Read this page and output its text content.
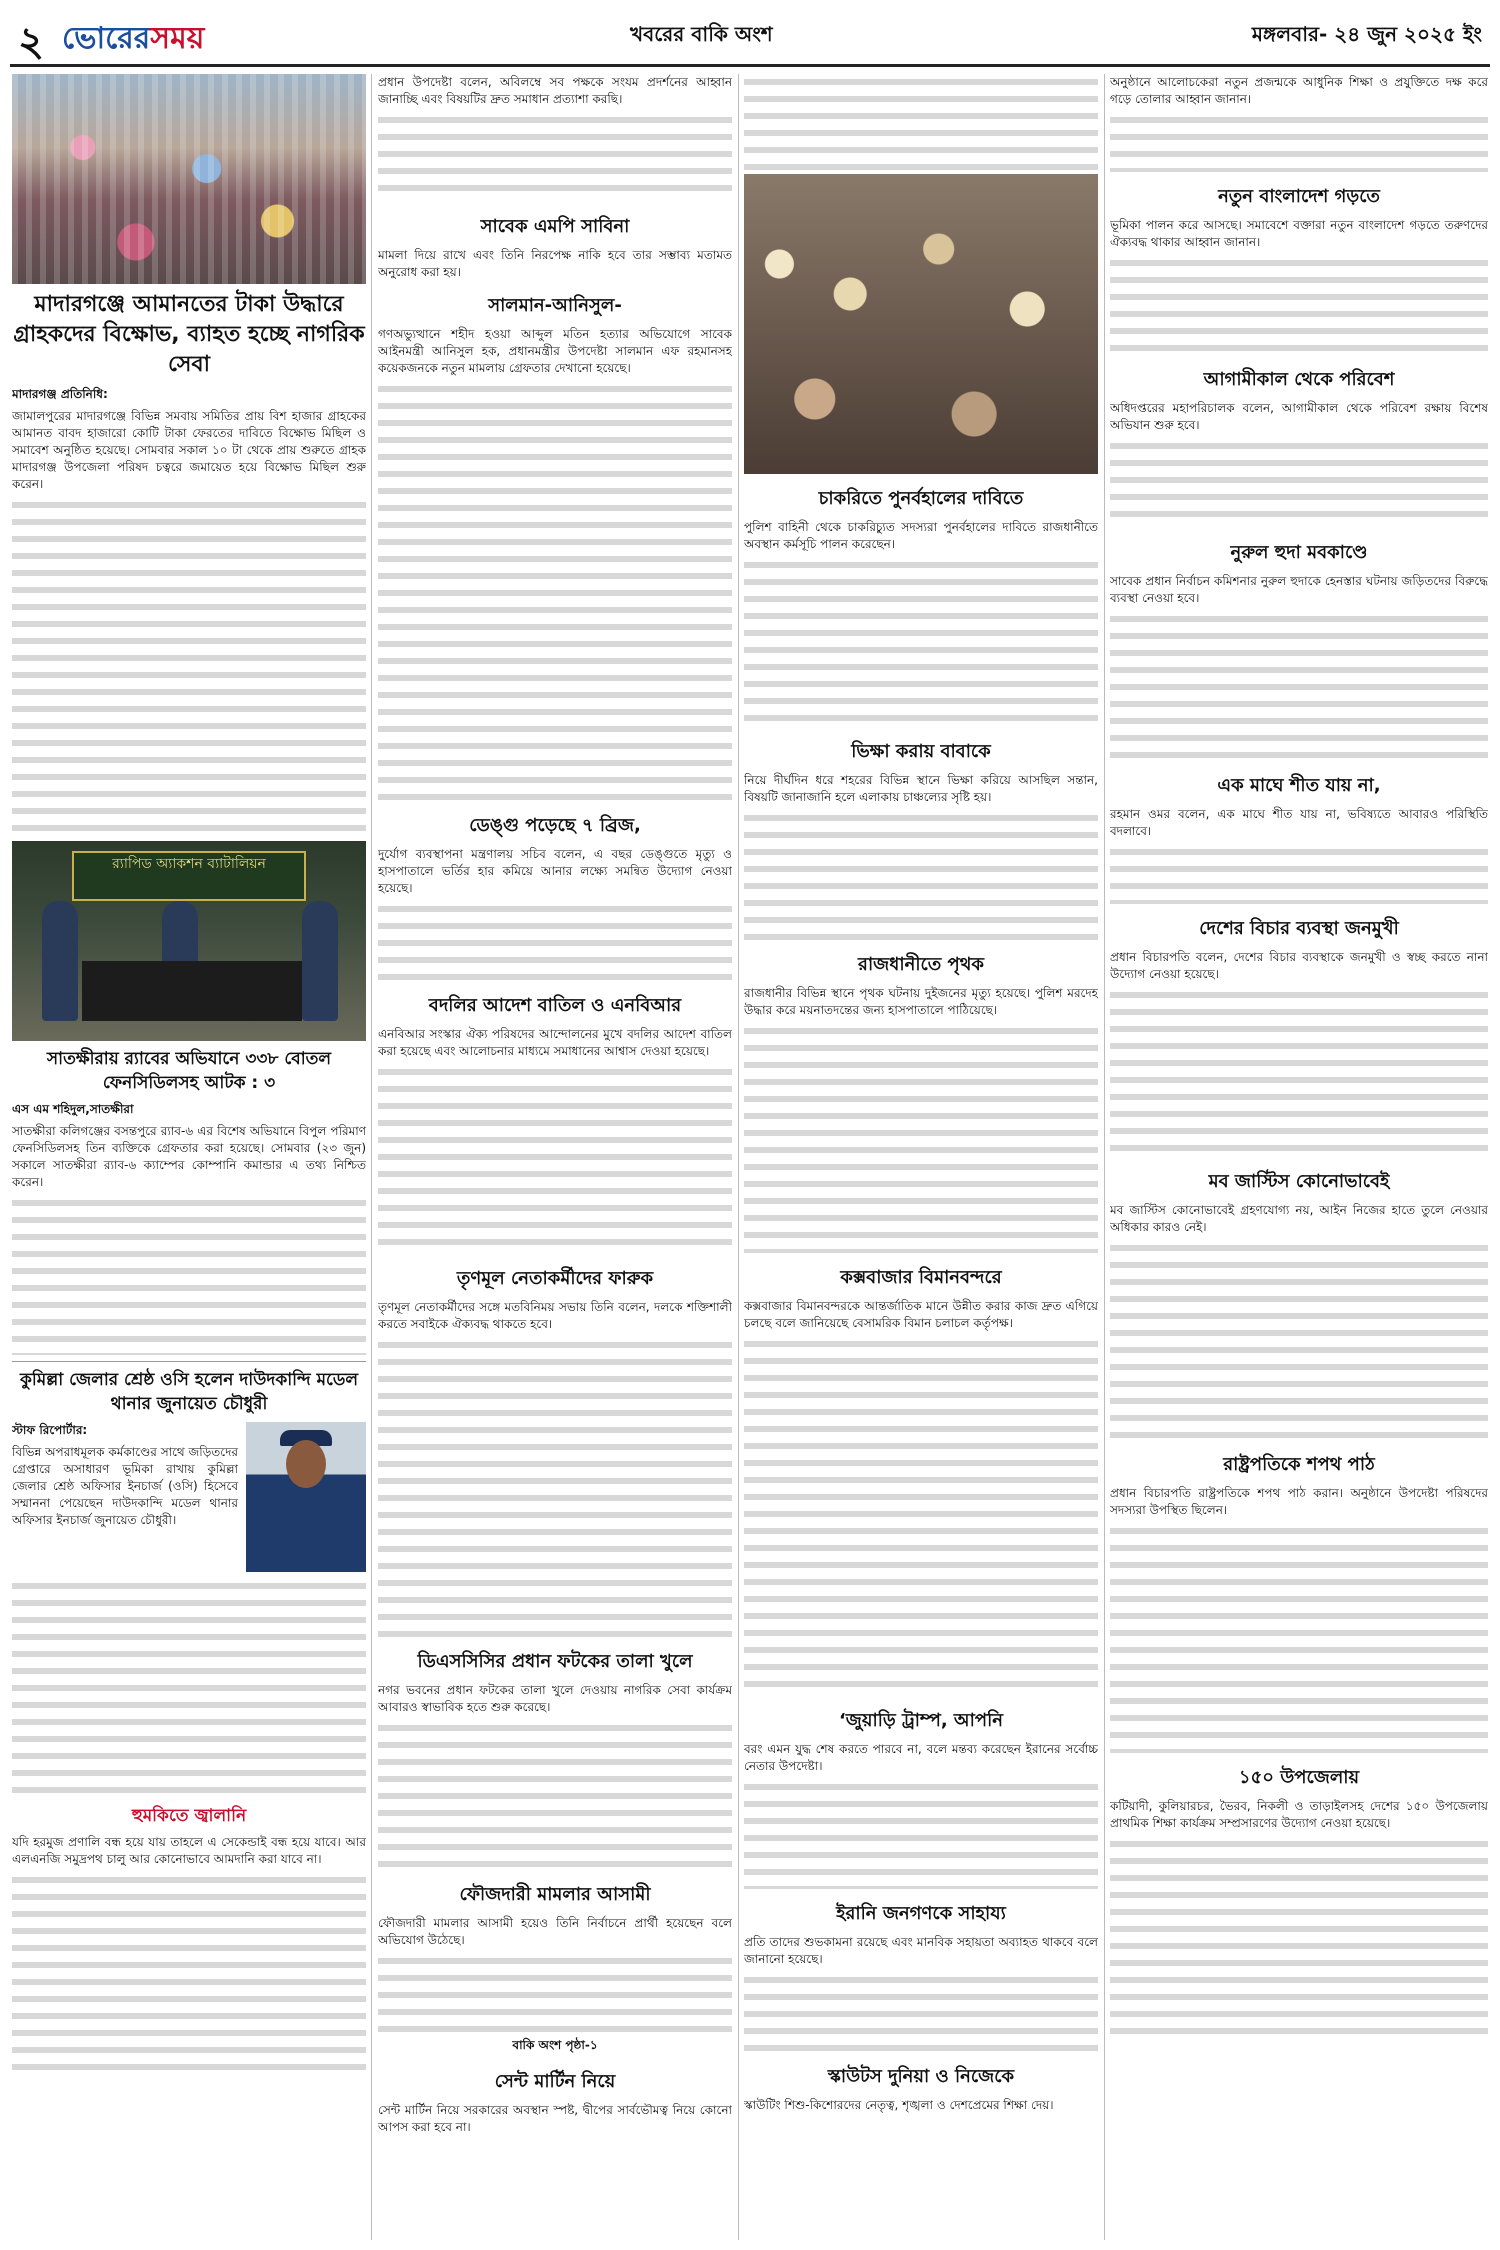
২ ভোরেরসময়	খবরের বাকি অংশ	মঙ্গলবার- ২৪ জুন ২০২৫ ইং
মাদারগঞ্জে আমানতের টাকা উদ্ধারে গ্রাহকদের বিক্ষোভ, ব্যাহত হচ্ছে নাগরিক সেবা
মাদারগঞ্জ প্রতিনিধি:

জামালপুরের মাদারগঞ্জে বিভিন্ন সমবায় সমিতির প্রায় বিশ হাজার গ্রাহকের আমানত বাবদ হাজারো কোটি টাকা ফেরতের দাবিতে বিক্ষোভ মিছিল ও সমাবেশ অনুষ্ঠিত হয়েছে। সোমবার সকাল ১০ টা থেকে প্রায় শুরুতে গ্রাহক মাদারগঞ্জ উপজেলা পরিষদ চত্বরে জমায়েত হয়ে বিক্ষোভ মিছিল শুরু করেন।

র‍্যাপিড অ্যাকশন ব্যাটালিয়ন
সাতক্ষীরায় র‍্যাবের অভিযানে ৩৩৮ বোতল ফেনসিডিলসহ আটক : ৩
এস এম শহিদুল,সাতক্ষীরা

সাতক্ষীরা কলিগঞ্জের বসন্তপুরে র‍্যাব-৬ এর বিশেষ অভিযানে বিপুল পরিমাণ ফেনসিডিলসহ তিন ব্যক্তিকে গ্রেফতার করা হয়েছে। সোমবার (২৩ জুন) সকালে সাতক্ষীরা র‍্যাব-৬ ক্যাম্পের কোম্পানি কমান্ডার এ তথ্য নিশ্চিত করেন।

কুমিল্লা জেলার শ্রেষ্ঠ ওসি হলেন দাউদকান্দি মডেল থানার জুনায়েত চৌধুরী
স্টাফ রিপোর্টার:

বিভিন্ন অপরাধমূলক কর্মকাণ্ডের সাথে জড়িতদের গ্রেপ্তারে অসাধারণ ভূমিকা রাখায় কুমিল্লা জেলার শ্রেষ্ঠ অফিসার ইনচার্জ (ওসি) হিসেবে সম্মাননা পেয়েছেন দাউদকান্দি মডেল থানার অফিসার ইনচার্জ জুনায়েত চৌধুরী।

হুমকিতে জ্বালানি

যদি হরমুজ প্রণালি বন্ধ হয়ে যায় তাহলে এ সেকেন্ডাই বন্ধ হয়ে যাবে। আর এলএনজি সমুদ্রপথ চালু আর কোনোভাবে আমদানি করা যাবে না।

প্রধান উপদেষ্টা বলেন, অবিলম্বে সব পক্ষকে সংযম প্রদর্শনের আহ্বান জানাচ্ছি এবং বিষয়টির দ্রুত সমাধান প্রত্যাশা করছি।

সাবেক এমপি সাবিনা

মামলা দিয়ে রাখে এবং তিনি নিরপেক্ষ নাকি হবে তার সম্ভাব্য মতামত অনুরোধ করা হয়।

সালমান-আনিসুল-

গণঅভ্যুত্থানে শহীদ হওয়া আব্দুল মতিন হত্যার অভিযোগে সাবেক আইনমন্ত্রী আনিসুল হক, প্রধানমন্ত্রীর উপদেষ্টা সালমান এফ রহমানসহ কয়েকজনকে নতুন মামলায় গ্রেফতার দেখানো হয়েছে।

ডেঙ্গু পড়েছে ৭ ব্রিজ,

দুর্যোগ ব্যবস্থাপনা মন্ত্রণালয় সচিব বলেন, এ বছর ডেঙ্গুতে মৃত্যু ও হাসপাতালে ভর্তির হার কমিয়ে আনার লক্ষ্যে সমন্বিত উদ্যোগ নেওয়া হয়েছে।

বদলির আদেশ বাতিল ও এনবিআর

এনবিআর সংস্কার ঐক্য পরিষদের আন্দোলনের মুখে বদলির আদেশ বাতিল করা হয়েছে এবং আলোচনার মাধ্যমে সমাধানের আশ্বাস দেওয়া হয়েছে।

তৃণমূল নেতাকর্মীদের ফারুক

তৃণমূল নেতাকর্মীদের সঙ্গে মতবিনিময় সভায় তিনি বলেন, দলকে শক্তিশালী করতে সবাইকে ঐক্যবদ্ধ থাকতে হবে।

ডিএসসিসির প্রধান ফটকের তালা খুলে

নগর ভবনের প্রধান ফটকের তালা খুলে দেওয়ায় নাগরিক সেবা কার্যক্রম আবারও স্বাভাবিক হতে শুরু করেছে।

ফৌজদারী মামলার আসামী

ফৌজদারী মামলার আসামী হয়েও তিনি নির্বাচনে প্রার্থী হয়েছেন বলে অভিযোগ উঠেছে।

বাকি অংশ পৃষ্ঠা-১
সেন্ট মার্টিন নিয়ে

সেন্ট মার্টিন নিয়ে সরকারের অবস্থান স্পষ্ট, দ্বীপের সার্বভৌমত্ব নিয়ে কোনো আপস করা হবে না।

চাকরিতে পুনর্বহালের দাবিতে

পুলিশ বাহিনী থেকে চাকরিচ্যুত সদস্যরা পুনর্বহালের দাবিতে রাজধানীতে অবস্থান কর্মসূচি পালন করেছেন।

ভিক্ষা করায় বাবাকে

নিয়ে দীর্ঘদিন ধরে শহরের বিভিন্ন স্থানে ভিক্ষা করিয়ে আসছিল সন্তান, বিষয়টি জানাজানি হলে এলাকায় চাঞ্চল্যের সৃষ্টি হয়।

রাজধানীতে পৃথক

রাজধানীর বিভিন্ন স্থানে পৃথক ঘটনায় দুইজনের মৃত্যু হয়েছে। পুলিশ মরদেহ উদ্ধার করে ময়নাতদন্তের জন্য হাসপাতালে পাঠিয়েছে।

কক্সবাজার বিমানবন্দরে

কক্সবাজার বিমানবন্দরকে আন্তর্জাতিক মানে উন্নীত করার কাজ দ্রুত এগিয়ে চলছে বলে জানিয়েছে বেসামরিক বিমান চলাচল কর্তৃপক্ষ।

‘জুয়াড়ি ট্রাম্প, আপনি

বরং এমন যুদ্ধ শেষ করতে পারবে না, বলে মন্তব্য করেছেন ইরানের সর্বোচ্চ নেতার উপদেষ্টা।

ইরানি জনগণকে সাহায্য

প্রতি তাদের শুভকামনা রয়েছে এবং মানবিক সহায়তা অব্যাহত থাকবে বলে জানানো হয়েছে।

স্কাউটস দুনিয়া ও নিজেকে

স্কাউটিং শিশু-কিশোরদের নেতৃত্ব, শৃঙ্খলা ও দেশপ্রেমের শিক্ষা দেয়।

অনুষ্ঠানে আলোচকেরা নতুন প্রজন্মকে আধুনিক শিক্ষা ও প্রযুক্তিতে দক্ষ করে গড়ে তোলার আহ্বান জানান।

নতুন বাংলাদেশ গড়তে

ভূমিকা পালন করে আসছে। সমাবেশে বক্তারা নতুন বাংলাদেশ গড়তে তরুণদের ঐক্যবদ্ধ থাকার আহ্বান জানান।

আগামীকাল থেকে পরিবেশ

অধিদপ্তরের মহাপরিচালক বলেন, আগামীকাল থেকে পরিবেশ রক্ষায় বিশেষ অভিযান শুরু হবে।

নুরুল হুদা মবকাণ্ডে

সাবেক প্রধান নির্বাচন কমিশনার নুরুল হুদাকে হেনস্তার ঘটনায় জড়িতদের বিরুদ্ধে ব্যবস্থা নেওয়া হবে।

এক মাঘে শীত যায় না,

রহমান ওমর বলেন, এক মাঘে শীত যায় না, ভবিষ্যতে আবারও পরিস্থিতি বদলাবে।

দেশের বিচার ব্যবস্থা জনমুখী

প্রধান বিচারপতি বলেন, দেশের বিচার ব্যবস্থাকে জনমুখী ও স্বচ্ছ করতে নানা উদ্যোগ নেওয়া হয়েছে।

মব জাস্টিস কোনোভাবেই

মব জাস্টিস কোনোভাবেই গ্রহণযোগ্য নয়, আইন নিজের হাতে তুলে নেওয়ার অধিকার কারও নেই।

রাষ্ট্রপতিকে শপথ পাঠ

প্রধান বিচারপতি রাষ্ট্রপতিকে শপথ পাঠ করান। অনুষ্ঠানে উপদেষ্টা পরিষদের সদস্যরা উপস্থিত ছিলেন।

১৫০ উপজেলায়

কটিয়াদী, কুলিয়ারচর, ভৈরব, নিকলী ও তাড়াইলসহ দেশের ১৫০ উপজেলায় প্রাথমিক শিক্ষা কার্যক্রম সম্প্রসারণের উদ্যোগ নেওয়া হয়েছে।
